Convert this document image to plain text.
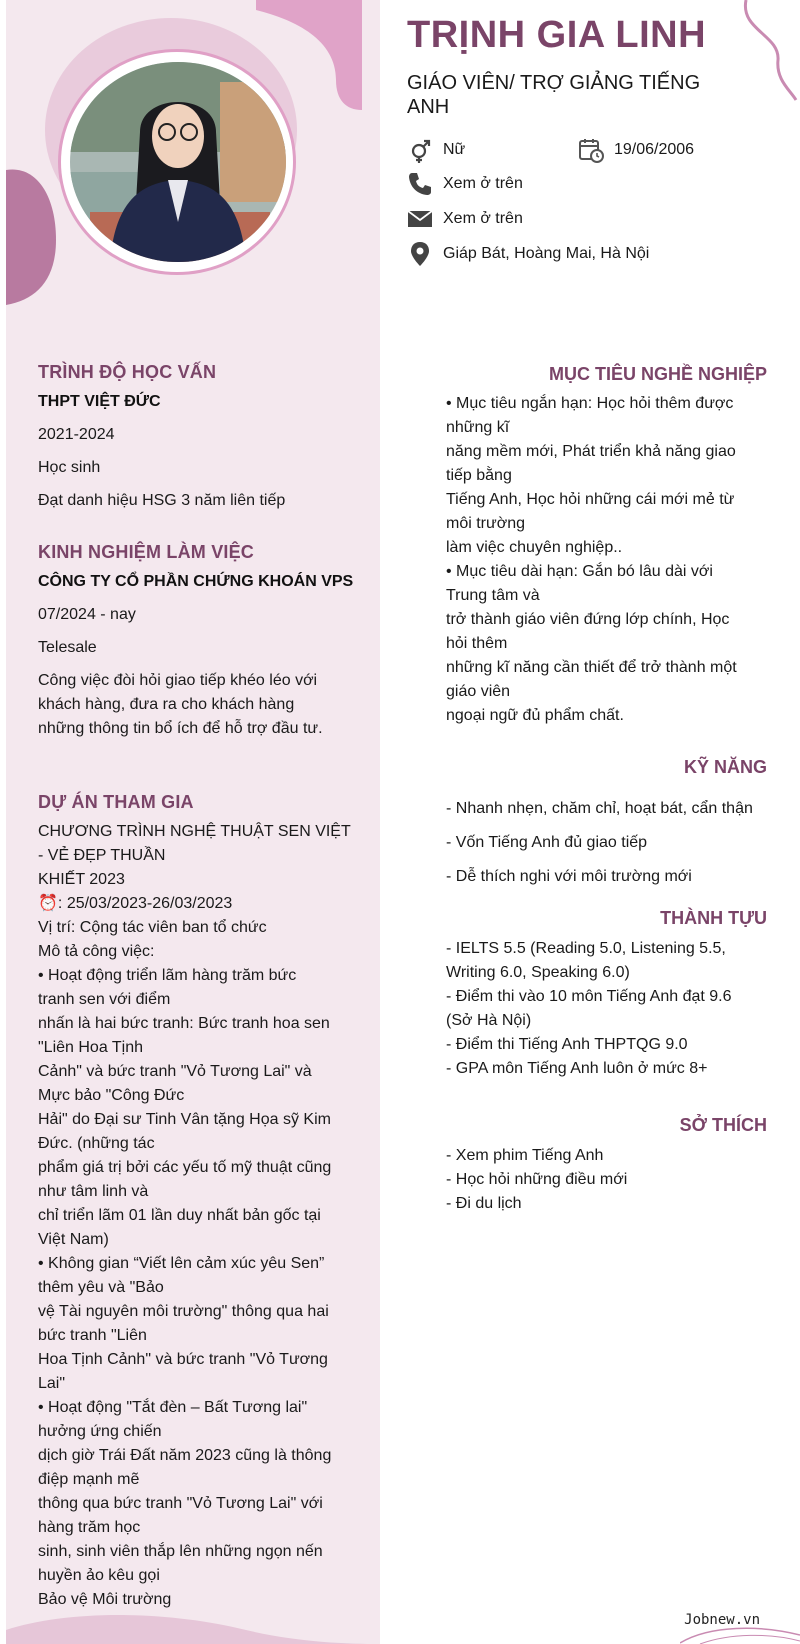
TRÌNH ĐỘ HỌC VẤN
THPT VIỆT ĐỨC
2021-2024
Học sinh
Đạt danh hiệu HSG 3 năm liên tiếp
KINH NGHIỆM LÀM VIỆC
CÔNG TY CỔ PHẦN CHỨNG KHOÁN VPS
07/2024 - nay
Telesale
Công việc đòi hỏi giao tiếp khéo léo với
khách hàng, đưa ra cho khách hàng
những thông tin bổ ích để hỗ trợ đầu tư.
DỰ ÁN THAM GIA
CHƯƠNG TRÌNH NGHỆ THUẬT SEN VIỆT
- VẺ ĐẸP THUẦN
KHIẾT 2023
⏰: 25/03/2023-26/03/2023
Vị trí: Cộng tác viên ban tổ chức
Mô tả công việc:
• Hoạt động triển lãm hàng trăm bức
tranh sen với điểm
nhấn là hai bức tranh: Bức tranh hoa sen
"Liên Hoa Tịnh
Cảnh" và bức tranh "Vỏ Tương Lai" và
Mực bảo "Công Đức
Hải" do Đại sư Tinh Vân tặng Họa sỹ Kim
Đức. (những tác
phẩm giá trị bởi các yếu tố mỹ thuật cũng
như tâm linh và
chỉ triển lãm 01 lần duy nhất bản gốc tại
Việt Nam)
• Không gian “Viết lên cảm xúc yêu Sen”
thêm yêu và "Bảo
vệ Tài nguyên môi trường" thông qua hai
bức tranh "Liên
Hoa Tịnh Cảnh" và bức tranh "Vỏ Tương
Lai"
• Hoạt động "Tắt đèn – Bất Tương lai"
hưởng ứng chiến
dịch giờ Trái Đất năm 2023 cũng là thông
điệp mạnh mẽ
thông qua bức tranh "Vỏ Tương Lai" với
hàng trăm học
sinh, sinh viên thắp lên những ngọn nến
huyền ảo kêu gọi
Bảo vệ Môi trường
TRỊNH GIA LINH
GIÁO VIÊN/ TRỢ GIẢNG TIẾNG ANH
Nữ	19/06/2006
Xem ở trên
Xem ở trên
Giáp Bát, Hoàng Mai, Hà Nội
MỤC TIÊU NGHỀ NGHIỆP
• Mục tiêu ngắn hạn: Học hỏi thêm được
những kĩ
năng mềm mới, Phát triển khả năng giao
tiếp bằng
Tiếng Anh, Học hỏi những cái mới mẻ từ
môi trường
làm việc chuyên nghiệp..
• Mục tiêu dài hạn: Gắn bó lâu dài với
Trung tâm và
trở thành giáo viên đứng lớp chính, Học
hỏi thêm
những kĩ năng cần thiết để trở thành một
giáo viên
ngoại ngữ đủ phẩm chất.
KỸ NĂNG
- Nhanh nhẹn, chăm chỉ, hoạt bát, cẩn thận
- Vốn Tiếng Anh đủ giao tiếp
- Dễ thích nghi với môi trường mới
THÀNH TỰU
- IELTS 5.5 (Reading 5.0, Listening 5.5,
Writing 6.0, Speaking 6.0)
- Điểm thi vào 10 môn Tiếng Anh đạt 9.6
(Sở Hà Nội)
- Điểm thi Tiếng Anh THPTQG 9.0
- GPA môn Tiếng Anh luôn ở mức 8+
SỞ THÍCH
- Xem phim Tiếng Anh
- Học hỏi những điều mới
- Đi du lịch
Jobnew.vn
